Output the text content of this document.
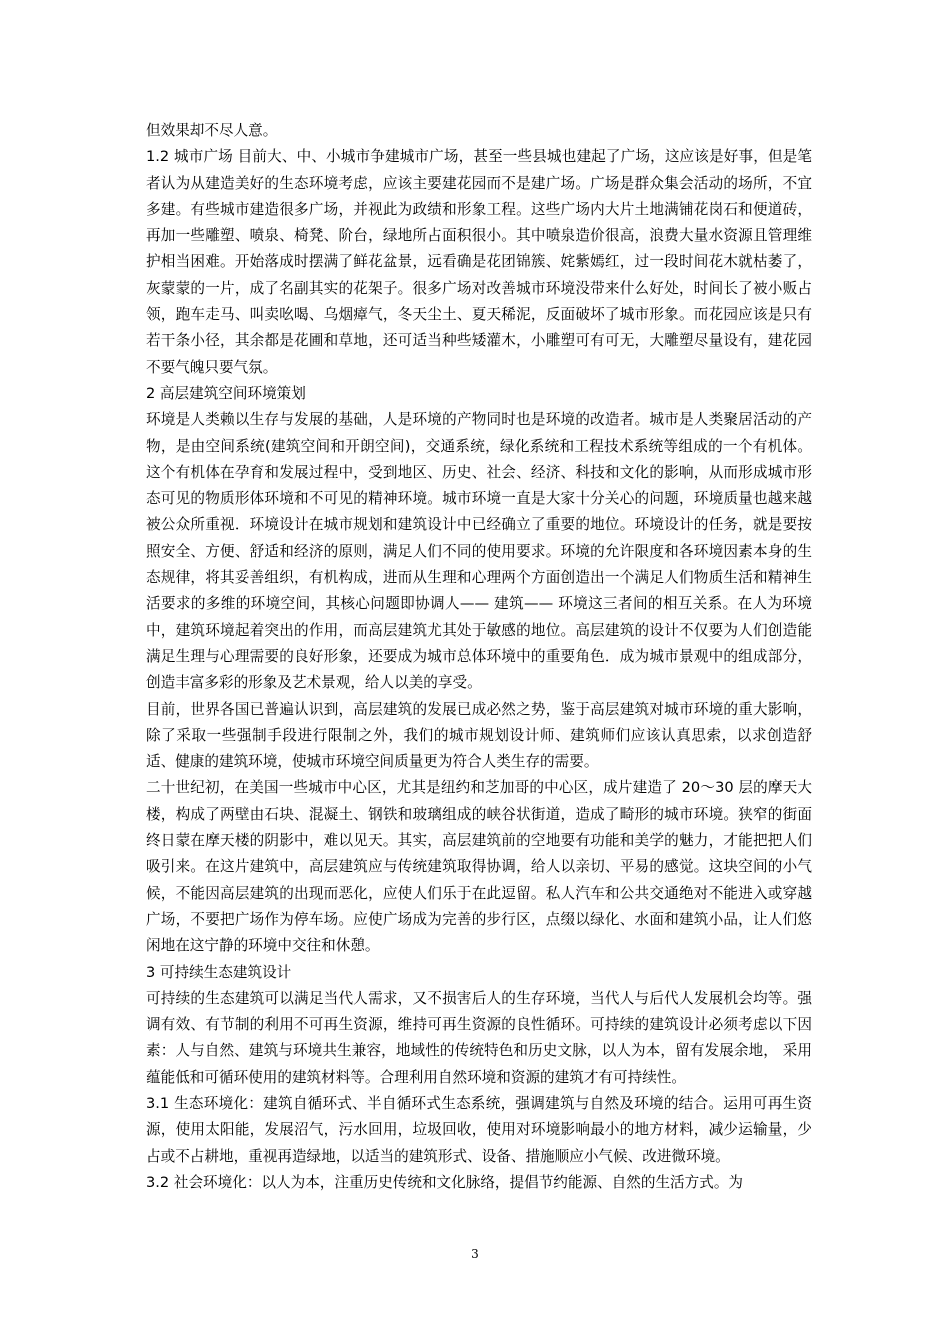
但效果却不尽人意。

1.2 城市广场 目前大、中、小城市争建城市广场，甚至一些县城也建起了广场，这应该是好事，但是笔者认为从建造美好的生态环境考虑，应该主要建花园而不是建广场。广场是群众集会活动的场所，不宜多建。有些城市建造很多广场，并视此为政绩和形象工程。这些广场内大片土地满铺花岗石和便道砖，再加一些雕塑、喷泉、椅凳、阶台，绿地所占面积很小。其中喷泉造价很高，浪费大量水资源且管理维护相当困难。开始落成时摆满了鲜花盆景，远看确是花团锦簇、姹紫嫣红，过一段时间花木就枯萎了，灰蒙蒙的一片，成了名副其实的花架子。很多广场对改善城市环境没带来什么好处，时间长了被小贩占领，跑车走马、叫卖吆喝、乌烟瘴气，冬天尘土、夏天稀泥，反面破坏了城市形象。而花园应该是只有若干条小径，其余都是花圃和草地，还可适当种些矮灌木，小雕塑可有可无，大雕塑尽量设有，建花园不要气魄只要气氛。

2 高层建筑空间环境策划

环境是人类赖以生存与发展的基础，人是环境的产物同时也是环境的改造者。城市是人类聚居活动的产物，是由空间系统(建筑空间和开朗空间)，交通系统，绿化系统和工程技术系统等组成的一个有机体。这个有机体在孕育和发展过程中，受到地区、历史、社会、经济、科技和文化的影响，从而形成城市形态可见的物质形体环境和不可见的精神环境。城市环境一直是大家十分关心的问题，环境质量也越来越被公众所重视．环境设计在城市规划和建筑设计中已经确立了重要的地位。环境设计的任务，就是要按照安全、方便、舒适和经济的原则，满足人们不同的使用要求。环境的允许限度和各环境因素本身的生态规律，将其妥善组织，有机构成，进而从生理和心理两个方面创造出一个满足人们物质生活和精神生活要求的多维的环境空间，其核心问题即协调人—— 建筑—— 环境这三者间的相互关系。在人为环境中，建筑环境起着突出的作用，而高层建筑尤其处于敏感的地位。高层建筑的设计不仅要为人们创造能满足生理与心理需要的良好形象，还要成为城市总体环境中的重要角色．成为城市景观中的组成部分，创造丰富多彩的形象及艺术景观，给人以美的享受。

目前，世界各国已普遍认识到，高层建筑的发展已成必然之势，鉴于高层建筑对城市环境的重大影响，除了采取一些强制手段进行限制之外，我们的城市规划设计师、建筑师们应该认真思索，以求创造舒适、健康的建筑环境，使城市环境空间质量更为符合人类生存的需要。

二十世纪初，在美国一些城市中心区，尤其是纽约和芝加哥的中心区，成片建造了 20～30 层的摩天大楼，构成了两壁由石块、混凝土、钢铁和玻璃组成的峡谷状街道，造成了畸形的城市环境。狭窄的街面终日蒙在摩天楼的阴影中，难以见天。其实，高层建筑前的空地要有功能和美学的魅力，才能把把人们吸引来。在这片建筑中，高层建筑应与传统建筑取得协调，给人以亲切、平易的感觉。这块空间的小气候，不能因高层建筑的出现而恶化，应使人们乐于在此逗留。私人汽车和公共交通绝对不能进入或穿越广场，不要把广场作为停车场。应使广场成为完善的步行区，点缀以绿化、水面和建筑小品，让人们悠闲地在这宁静的环境中交往和休憩。

3 可持续生态建筑设计

可持续的生态建筑可以满足当代人需求，又不损害后人的生存环境，当代人与后代人发展机会均等。强调有效、有节制的利用不可再生资源，维持可再生资源的良性循环。可持续的建筑设计必须考虑以下因素：人与自然、建筑与环境共生兼容，地域性的传统特色和历史文脉，以人为本，留有发展余地， 采用蕴能低和可循环使用的建筑材料等。合理利用自然环境和资源的建筑才有可持续性。

3.1 生态环境化：建筑自循环式、半自循环式生态系统，强调建筑与自然及环境的结合。运用可再生资源，使用太阳能，发展沼气，污水回用，垃圾回收，使用对环境影响最小的地方材料，减少运输量，少占或不占耕地，重视再造绿地，以适当的建筑形式、设备、措施顺应小气候、改进微环境。

3.2 社会环境化：以人为本，注重历史传统和文化脉络，提倡节约能源、自然的生活方式。为

3
